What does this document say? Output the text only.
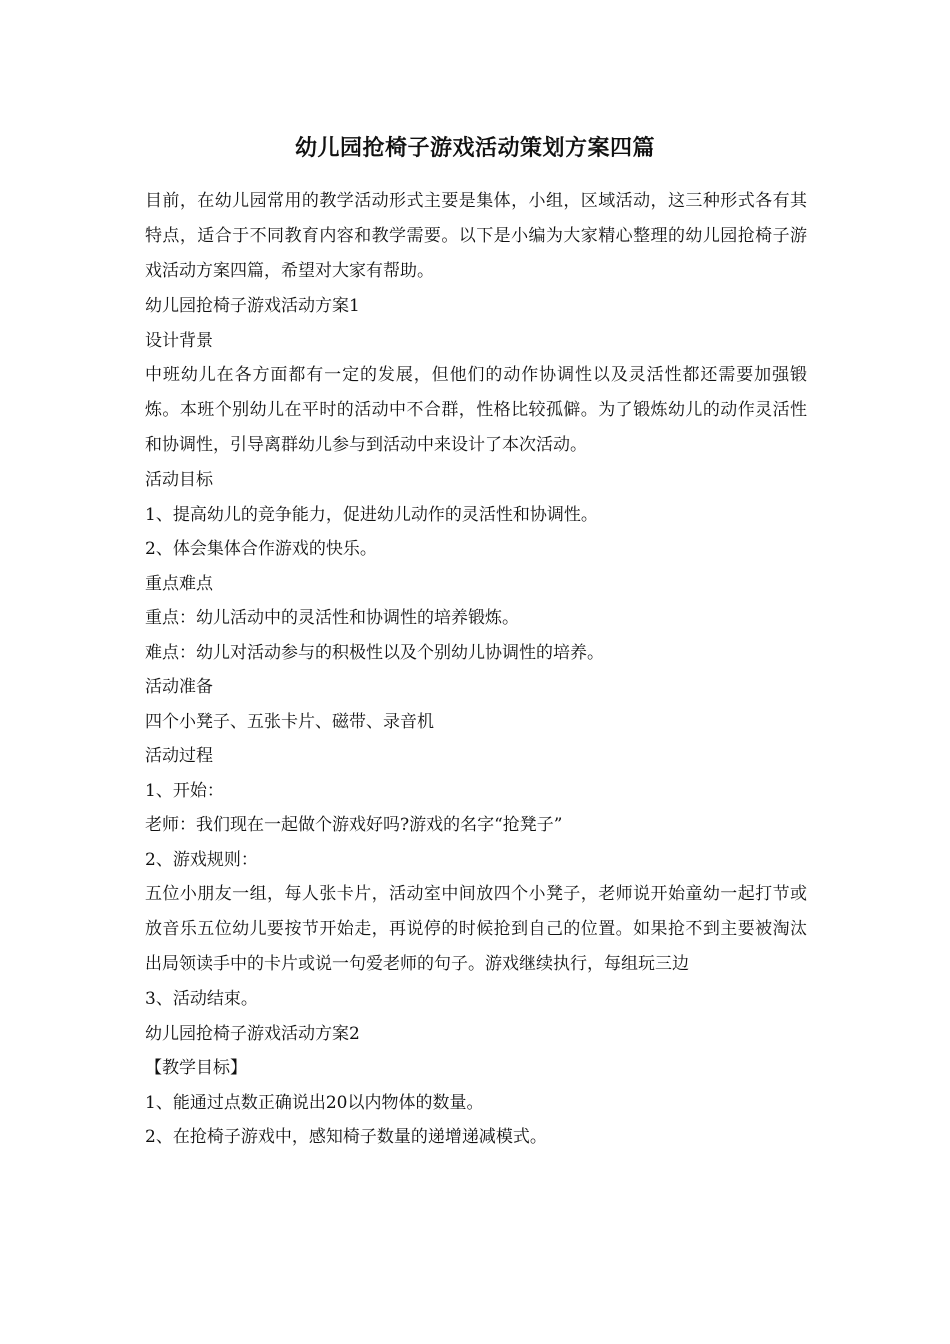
幼儿园抢椅子游戏活动策划方案四篇

目前，在幼儿园常用的教学活动形式主要是集体，小组，区域活动，这三种形式各有其特点，适合于不同教育内容和教学需要。以下是小编为大家精心整理的幼儿园抢椅子游戏活动方案四篇，希望对大家有帮助。

幼儿园抢椅子游戏活动方案1

设计背景

中班幼儿在各方面都有一定的发展，但他们的动作协调性以及灵活性都还需要加强锻炼。本班个别幼儿在平时的活动中不合群，性格比较孤僻。为了锻炼幼儿的动作灵活性和协调性，引导离群幼儿参与到活动中来设计了本次活动。

活动目标

1、提高幼儿的竞争能力，促进幼儿动作的灵活性和协调性。

2、体会集体合作游戏的快乐。

重点难点

重点：幼儿活动中的灵活性和协调性的培养锻炼。

难点：幼儿对活动参与的积极性以及个别幼儿协调性的培养。

活动准备

四个小凳子、五张卡片、磁带、录音机

活动过程

1、开始：

老师：我们现在一起做个游戏好吗?游戏的名字“抢凳子”

2、游戏规则：

五位小朋友一组，每人张卡片，活动室中间放四个小凳子，老师说开始童幼一起打节或放音乐五位幼儿要按节开始走，再说停的时候抢到自己的位置。如果抢不到主要被淘汰出局领读手中的卡片或说一句爱老师的句子。游戏继续执行，每组玩三边

3、活动结束。

幼儿园抢椅子游戏活动方案2

【教学目标】

1、能通过点数正确说出20以内物体的数量。

2、在抢椅子游戏中，感知椅子数量的递增递减模式。
